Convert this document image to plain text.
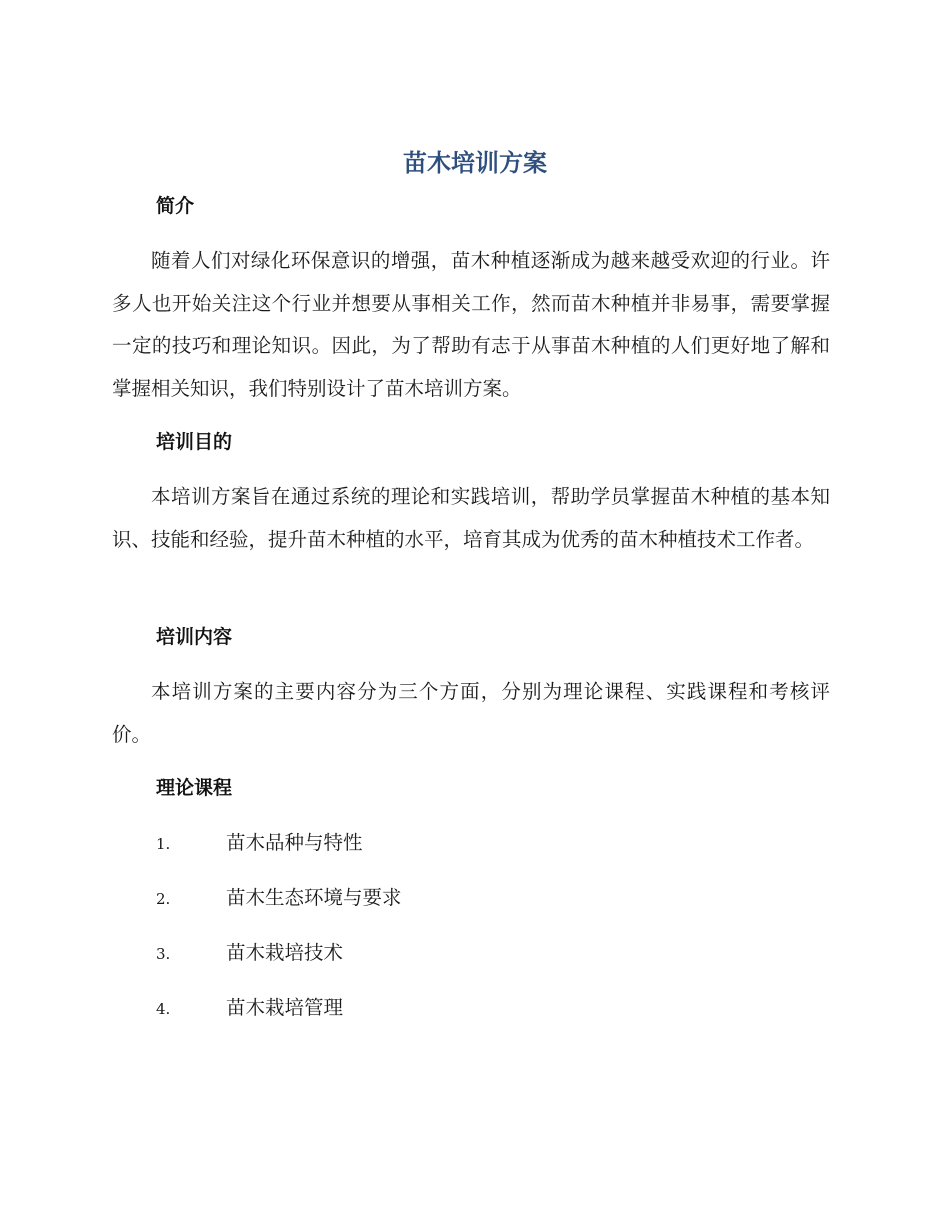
苗木培训方案
简介

随着人们对绿化环保意识的增强，苗木种植逐渐成为越来越受欢迎的行业。许多人也开始关注这个行业并想要从事相关工作，然而苗木种植并非易事，需要掌握一定的技巧和理论知识。因此，为了帮助有志于从事苗木种植的人们更好地了解和掌握相关知识，我们特别设计了苗木培训方案。

培训目的

本培训方案旨在通过系统的理论和实践培训，帮助学员掌握苗木种植的基本知识、技能和经验，提升苗木种植的水平，培育其成为优秀的苗木种植技术工作者。

培训内容

本培训方案的主要内容分为三个方面，分别为理论课程、实践课程和考核评价。

理论课程
1.	苗木品种与特性
2.	苗木生态环境与要求
3.	苗木栽培技术
4.	苗木栽培管理
